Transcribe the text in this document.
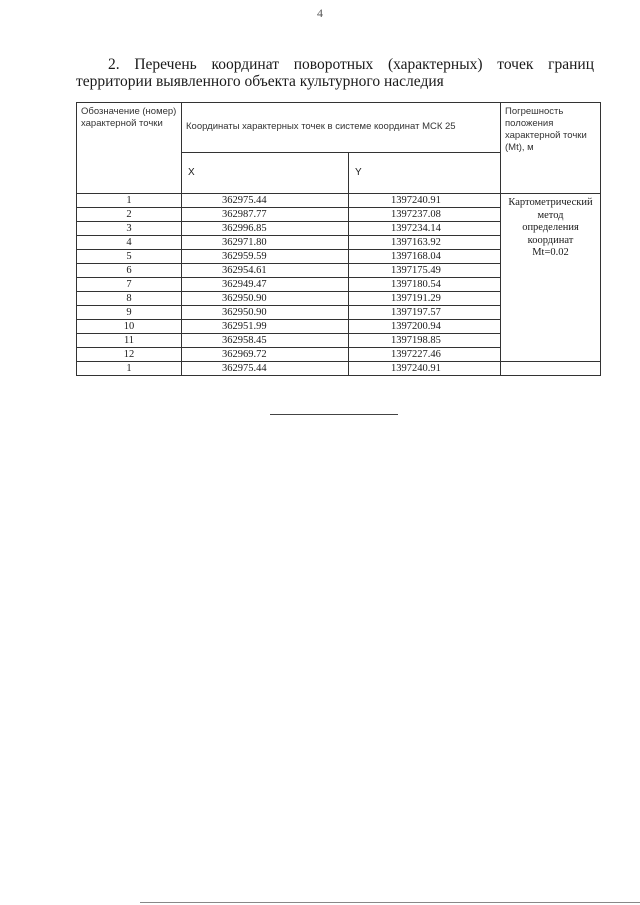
4
2. Перечень координат поворотных (характерных) точек границ
территории выявленного объекта культурного наследия
Обозначение (номер) характерной точки	Координаты характерных точек в системе координат МСК 25		Погрешность положения характерной точки (Mt), м
	X	Y	
1	362975.44	1397240.91	Картометрический
метод
определения
координат
Mt=0.02

2	362987.77	1397237.08	
3	362996.85	1397234.14	
4	362971.80	1397163.92	
5	362959.59	1397168.04	
6	362954.61	1397175.49	
7	362949.47	1397180.54	
8	362950.90	1397191.29	
9	362950.90	1397197.57	
10	362951.99	1397200.94	
11	362958.45	1397198.85	
12	362969.72	1397227.46	
1	362975.44	1397240.91	
